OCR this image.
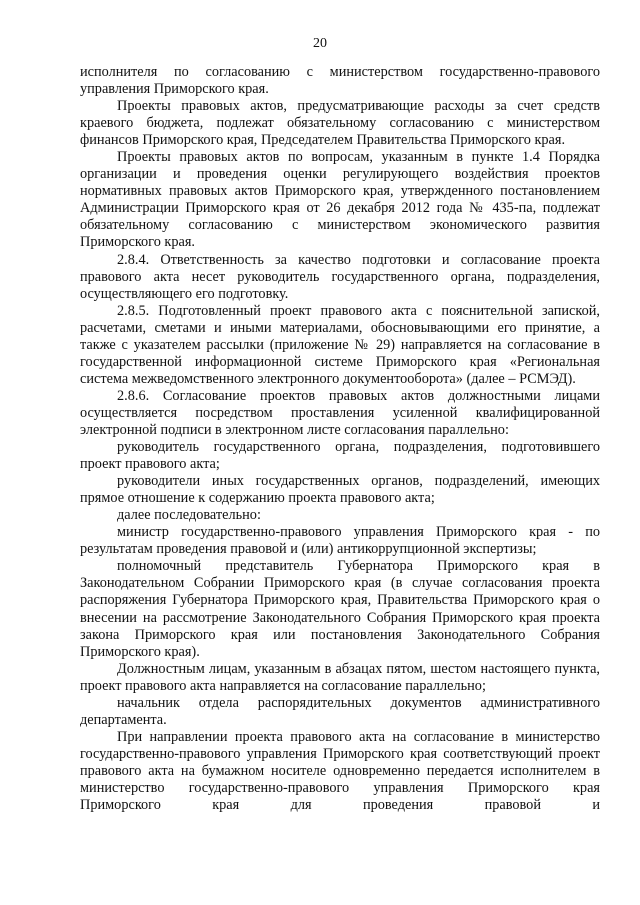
20

исполнителя по согласованию с министерством государственно-правового управления Приморского края.

Проекты правовых актов, предусматривающие расходы за счет средств краевого бюджета, подлежат обязательному согласованию с министерством финансов Приморского края, Председателем Правительства Приморского края.

Проекты правовых актов по вопросам, указанным в пункте 1.4 Порядка организации и проведения оценки регулирующего воздействия проектов нормативных правовых актов Приморского края, утвержденного постановлением Администрации Приморского края от 26 декабря 2012 года № 435-па, подлежат обязательному согласованию с министерством экономического развития Приморского края.

2.8.4. Ответственность за качество подготовки и согласование проекта правового акта несет руководитель государственного органа, подразделения, осуществляющего его подготовку.

2.8.5. Подготовленный проект правового акта с пояснительной запиской, расчетами, сметами и иными материалами, обосновывающими его принятие, а также с указателем рассылки (приложение № 29) направляется на согласование в государственной информационной системе Приморского края «Региональная система межведомственного электронного документооборота» (далее – РСМЭД).

2.8.6. Согласование проектов правовых актов должностными лицами осуществляется посредством проставления усиленной квалифицированной электронной подписи в электронном листе согласования параллельно:

руководитель государственного органа, подразделения, подготовившего проект правового акта;

руководители иных государственных органов, подразделений, имеющих прямое отношение к содержанию проекта правового акта;

далее последовательно:

министр государственно-правового управления Приморского края - по результатам проведения правовой и (или) антикоррупционной экспертизы;

полномочный представитель Губернатора Приморского края в Законодательном Собрании Приморского края (в случае согласования проекта распоряжения Губернатора Приморского края, Правительства Приморского края о внесении на рассмотрение Законодательного Собрания Приморского края проекта закона Приморского края или постановления Законодательного Собрания Приморского края).

Должностным лицам, указанным в абзацах пятом, шестом настоящего пункта, проект правового акта направляется на согласование параллельно;

начальник отдела распорядительных документов административного департамента.

При направлении проекта правового акта на согласование в министерство государственно-правового управления Приморского края соответствующий проект правового акта на бумажном носителе одновременно передается исполнителем в министерство государственно-правового управления Приморского края Приморского края для проведения правовой и
